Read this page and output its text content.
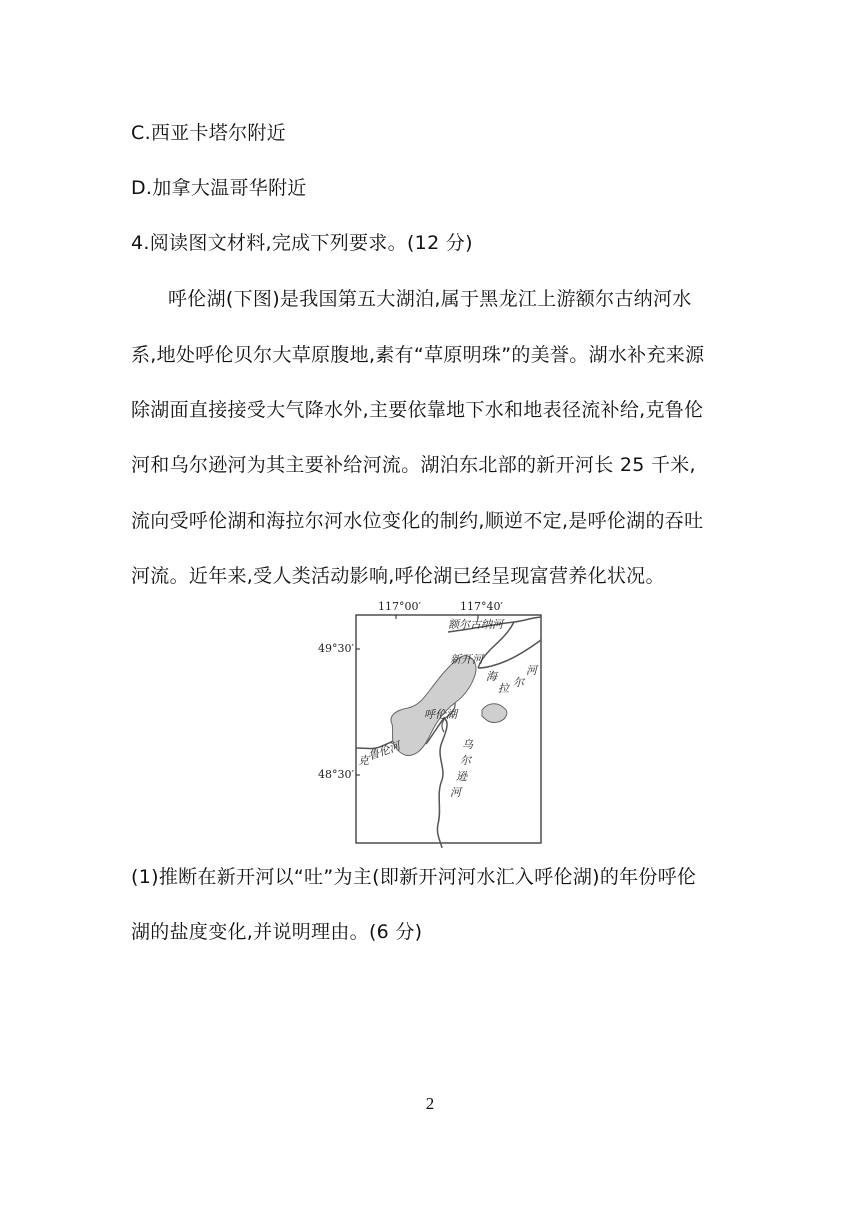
C.西亚卡塔尔附近
D.加拿大温哥华附近
4.阅读图文材料,完成下列要求。(12 分)
呼伦湖(下图)是我国第五大湖泊,属于黑龙江上游额尔古纳河水
系,地处呼伦贝尔大草原腹地,素有“草原明珠”的美誉。湖水补充来源
除湖面直接接受大气降水外,主要依靠地下水和地表径流补给,克鲁伦
河和乌尔逊河为其主要补给河流。湖泊东北部的新开河长 25 千米,
流向受呼伦湖和海拉尔河水位变化的制约,顺逆不定,是呼伦湖的吞吐
河流。近年来,受人类活动影响,呼伦湖已经呈现富营养化状况。
117°00′	117°40′
49°30′
48°30′
额尔古纳河
新开河
海
拉 尔
河
呼伦湖
克
鲁伦河	乌
尔
逊
河
(1)推断在新开河以“吐”为主(即新开河河水汇入呼伦湖)的年份呼伦
湖的盐度变化,并说明理由。(6 分)
2
